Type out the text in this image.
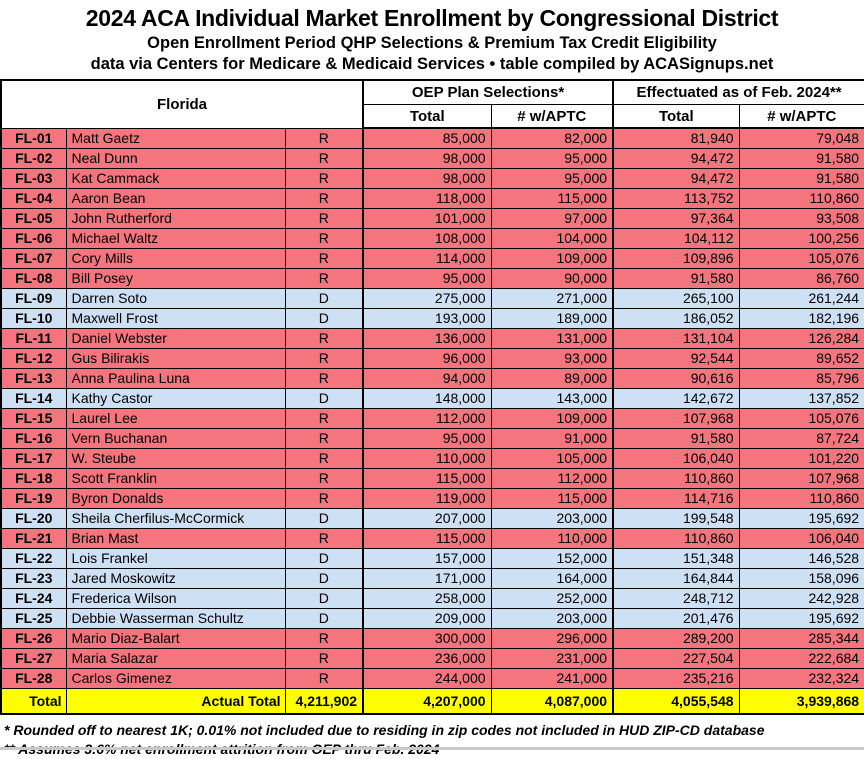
2024 ACA Individual Market Enrollment by Congressional District
Open Enrollment Period QHP Selections & Premium Tax Credit Eligibility
data via Centers for Medicare & Medicaid Services • table compiled by ACASignups.net
Florida			OEP Plan Selections*		Effectuated as of Feb. 2024**	
			Total	# w/APTC	Total	# w/APTC
FL-01	Matt Gaetz	R	85,000	82,000	81,940	79,048
FL-02	Neal Dunn	R	98,000	95,000	94,472	91,580
FL-03	Kat Cammack	R	98,000	95,000	94,472	91,580
FL-04	Aaron Bean	R	118,000	115,000	113,752	110,860
FL-05	John Rutherford	R	101,000	97,000	97,364	93,508
FL-06	Michael Waltz	R	108,000	104,000	104,112	100,256
FL-07	Cory Mills	R	114,000	109,000	109,896	105,076
FL-08	Bill Posey	R	95,000	90,000	91,580	86,760
FL-09	Darren Soto	D	275,000	271,000	265,100	261,244
FL-10	Maxwell Frost	D	193,000	189,000	186,052	182,196
FL-11	Daniel Webster	R	136,000	131,000	131,104	126,284
FL-12	Gus Bilirakis	R	96,000	93,000	92,544	89,652
FL-13	Anna Paulina Luna	R	94,000	89,000	90,616	85,796
FL-14	Kathy Castor	D	148,000	143,000	142,672	137,852
FL-15	Laurel Lee	R	112,000	109,000	107,968	105,076
FL-16	Vern Buchanan	R	95,000	91,000	91,580	87,724
FL-17	W. Steube	R	110,000	105,000	106,040	101,220
FL-18	Scott Franklin	R	115,000	112,000	110,860	107,968
FL-19	Byron Donalds	R	119,000	115,000	114,716	110,860
FL-20	Sheila Cherfilus-McCormick	D	207,000	203,000	199,548	195,692
FL-21	Brian Mast	R	115,000	110,000	110,860	106,040
FL-22	Lois Frankel	D	157,000	152,000	151,348	146,528
FL-23	Jared Moskowitz	D	171,000	164,000	164,844	158,096
FL-24	Frederica Wilson	D	258,000	252,000	248,712	242,928
FL-25	Debbie Wasserman Schultz	D	209,000	203,000	201,476	195,692
FL-26	Mario Diaz-Balart	R	300,000	296,000	289,200	285,344
FL-27	Maria Salazar	R	236,000	231,000	227,504	222,684
FL-28	Carlos Gimenez	R	244,000	241,000	235,216	232,324
Total	Actual Total	4,211,902	4,207,000	4,087,000	4,055,548	3,939,868
* Rounded off to nearest 1K; 0.01% not included due to residing in zip codes not included in HUD ZIP-CD database
